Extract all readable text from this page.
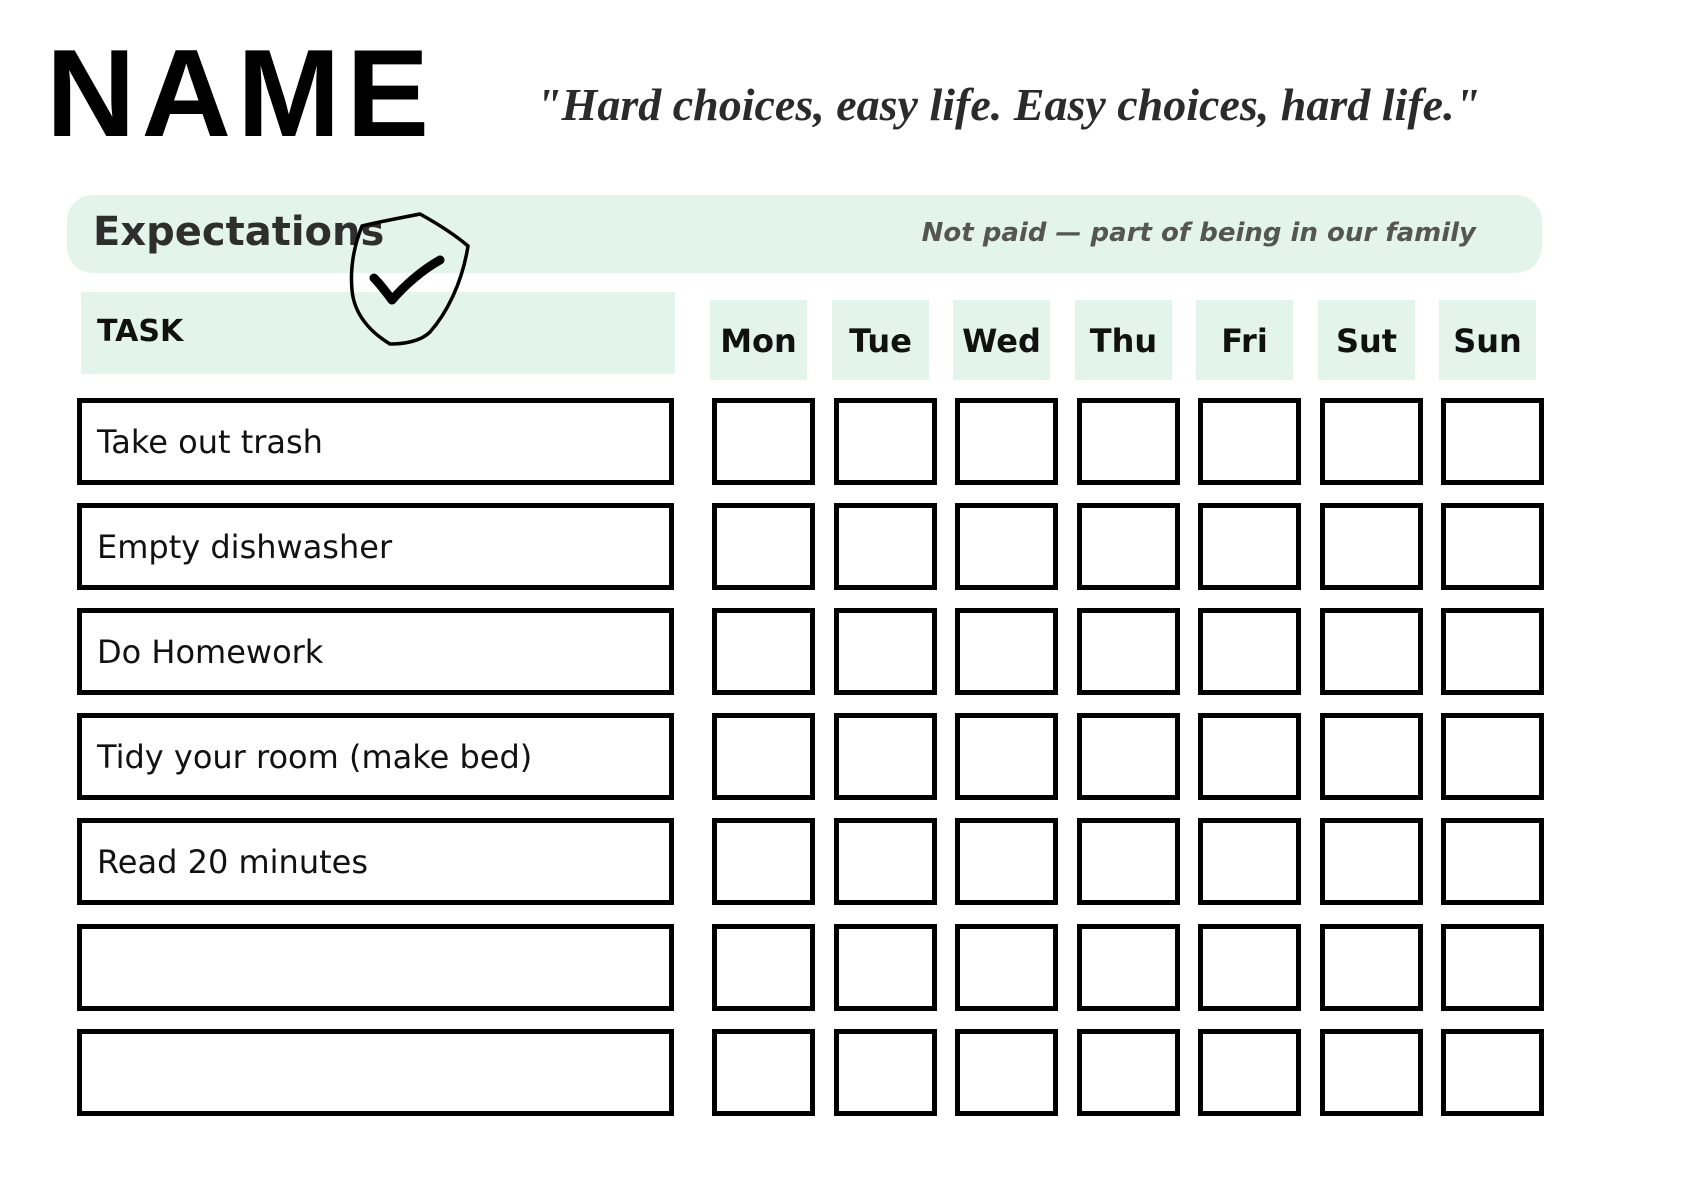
NAME "Hard choices, easy life. Easy choices, hard life."
Expectations	Not paid — part of being in our family
TASK	Mon	Tue	Wed	Thu	Fri	Sut	Sun
Take out trash
Empty dishwasher
Do Homework
Tidy your room (make bed)
Read 20 minutes
